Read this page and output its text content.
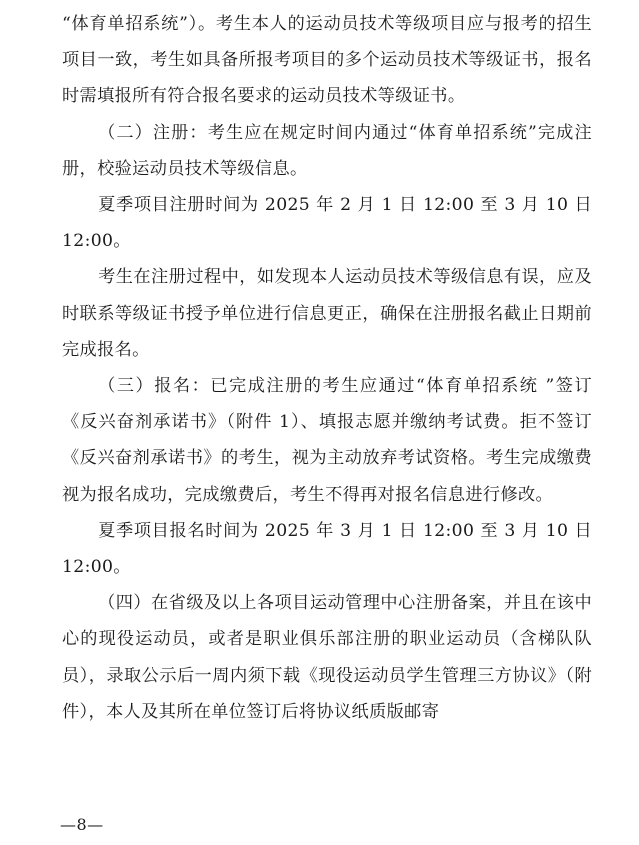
“体育单招系统”）。考生本人的运动员技术等级项目应与报考的招生项目一致，考生如具备所报考项目的多个运动员技术等级证书，报名时需填报所有符合报名要求的运动员技术等级证书。

（二）注册：考生应在规定时间内通过“体育单招系统”完成注册，校验运动员技术等级信息。

夏季项目注册时间为 2025 年 2 月 1 日 12:00 至 3 月 10 日 12:00。

考生在注册过程中，如发现本人运动员技术等级信息有误，应及时联系等级证书授予单位进行信息更正，确保在注册报名截止日期前完成报名。

（三）报名：已完成注册的考生应通过“体育单招系统 ”签订《反兴奋剂承诺书》（附件 1）、填报志愿并缴纳考试费。拒不签订《反兴奋剂承诺书》的考生，视为主动放弃考试资格。考生完成缴费视为报名成功，完成缴费后，考生不得再对报名信息进行修改。

夏季项目报名时间为 2025 年 3 月 1 日 12:00 至 3 月 10 日 12:00。

（四）在省级及以上各项目运动管理中心注册备案，并且在该中心的现役运动员，或者是职业俱乐部注册的职业运动员（含梯队队员），录取公示后一周内须下载《现役运动员学生管理三方协议》（附件），本人及其所在单位签订后将协议纸质版邮寄

—8—
